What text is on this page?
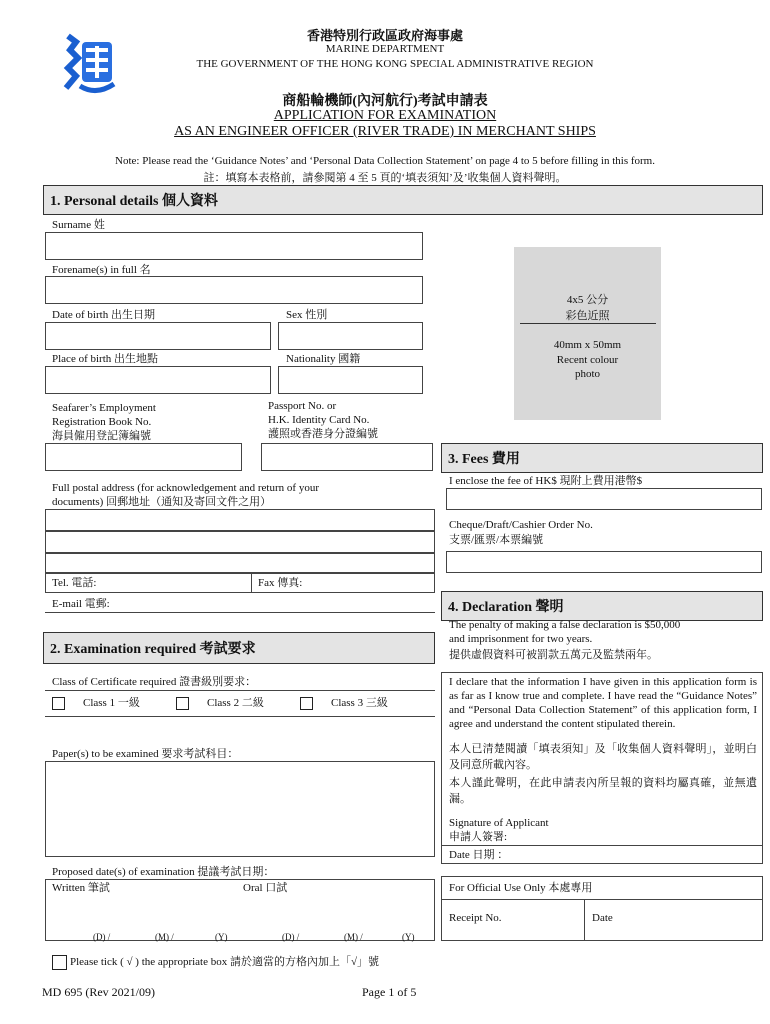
香港特別行政區政府海事處
MARINE DEPARTMENT
THE GOVERNMENT OF THE HONG KONG SPECIAL ADMINISTRATIVE REGION
商船輪機師(內河航行)考試申請表
APPLICATION FOR EXAMINATION
AS AN ENGINEER OFFICER (RIVER TRADE) IN MERCHANT SHIPS
Note: Please read the ‘Guidance Notes’ and ‘Personal Data Collection Statement’ on page 4 to 5 before filling in this form.
註：填寫本表格前，請參閱第 4 至 5 頁的‘填表須知’及’收集個人資料聲明。
1. Personal details 個人資料
Surname 姓
Forename(s) in full 名
Date of birth 出生日期	Sex 性別
Place of birth 出生地點	Nationality 國籍
4x5 公分
彩色近照
40mm x 50mm
Recent colour
photo
Seafarer’s Employment
Registration Book No.
海員僱用登記簿編號
Passport No. or
H.K. Identity Card No.
護照或香港身分證編號
Full postal address (for acknowledgement and return of your
documents) 回郵地址（通知及寄回文件之用）
Tel. 電話:	Fax 傳真:
E-mail 電郵:
3. Fees 費用
I enclose the fee of HK$ 現附上費用港幣$
Cheque/Draft/Cashier Order No.
支票/匯票/本票編號
4. Declaration 聲明
The penalty of making a false declaration is $50,000
and imprisonment for two years.
提供虛假資料可被罰款五萬元及監禁兩年。
I declare that the information I have given in this application form is as far as I know true and complete. I have read the “Guidance Notes” and “Personal Data Collection Statement” of this application form, I agree and understand the content stipulated therein.
本人已清楚閱讀「填表須知」及「收集個人資料聲明」，並明白及同意所載內容。
本人謹此聲明，在此申請表內所呈報的資料均屬真確，並無遺漏。
Signature of Applicant
申請人簽署:
Date 日期 ：
2. Examination required 考試要求
Class of Certificate required 證書級別要求：
Class 1 一級	Class 2 二級	Class 3 三級
Paper(s) to be examined 要求考試科目：
Proposed date(s) of examination 提議考試日期：
Written 筆試	Oral 口試
(D) /	(M) /	(Y)	(D) /	(M) /	(Y)
For Official Use Only 本處專用
Receipt No.	Date
Please tick ( √ ) the appropriate box 請於適當的方格內加上「√」號
MD 695 (Rev 2021/09)	Page 1 of 5
